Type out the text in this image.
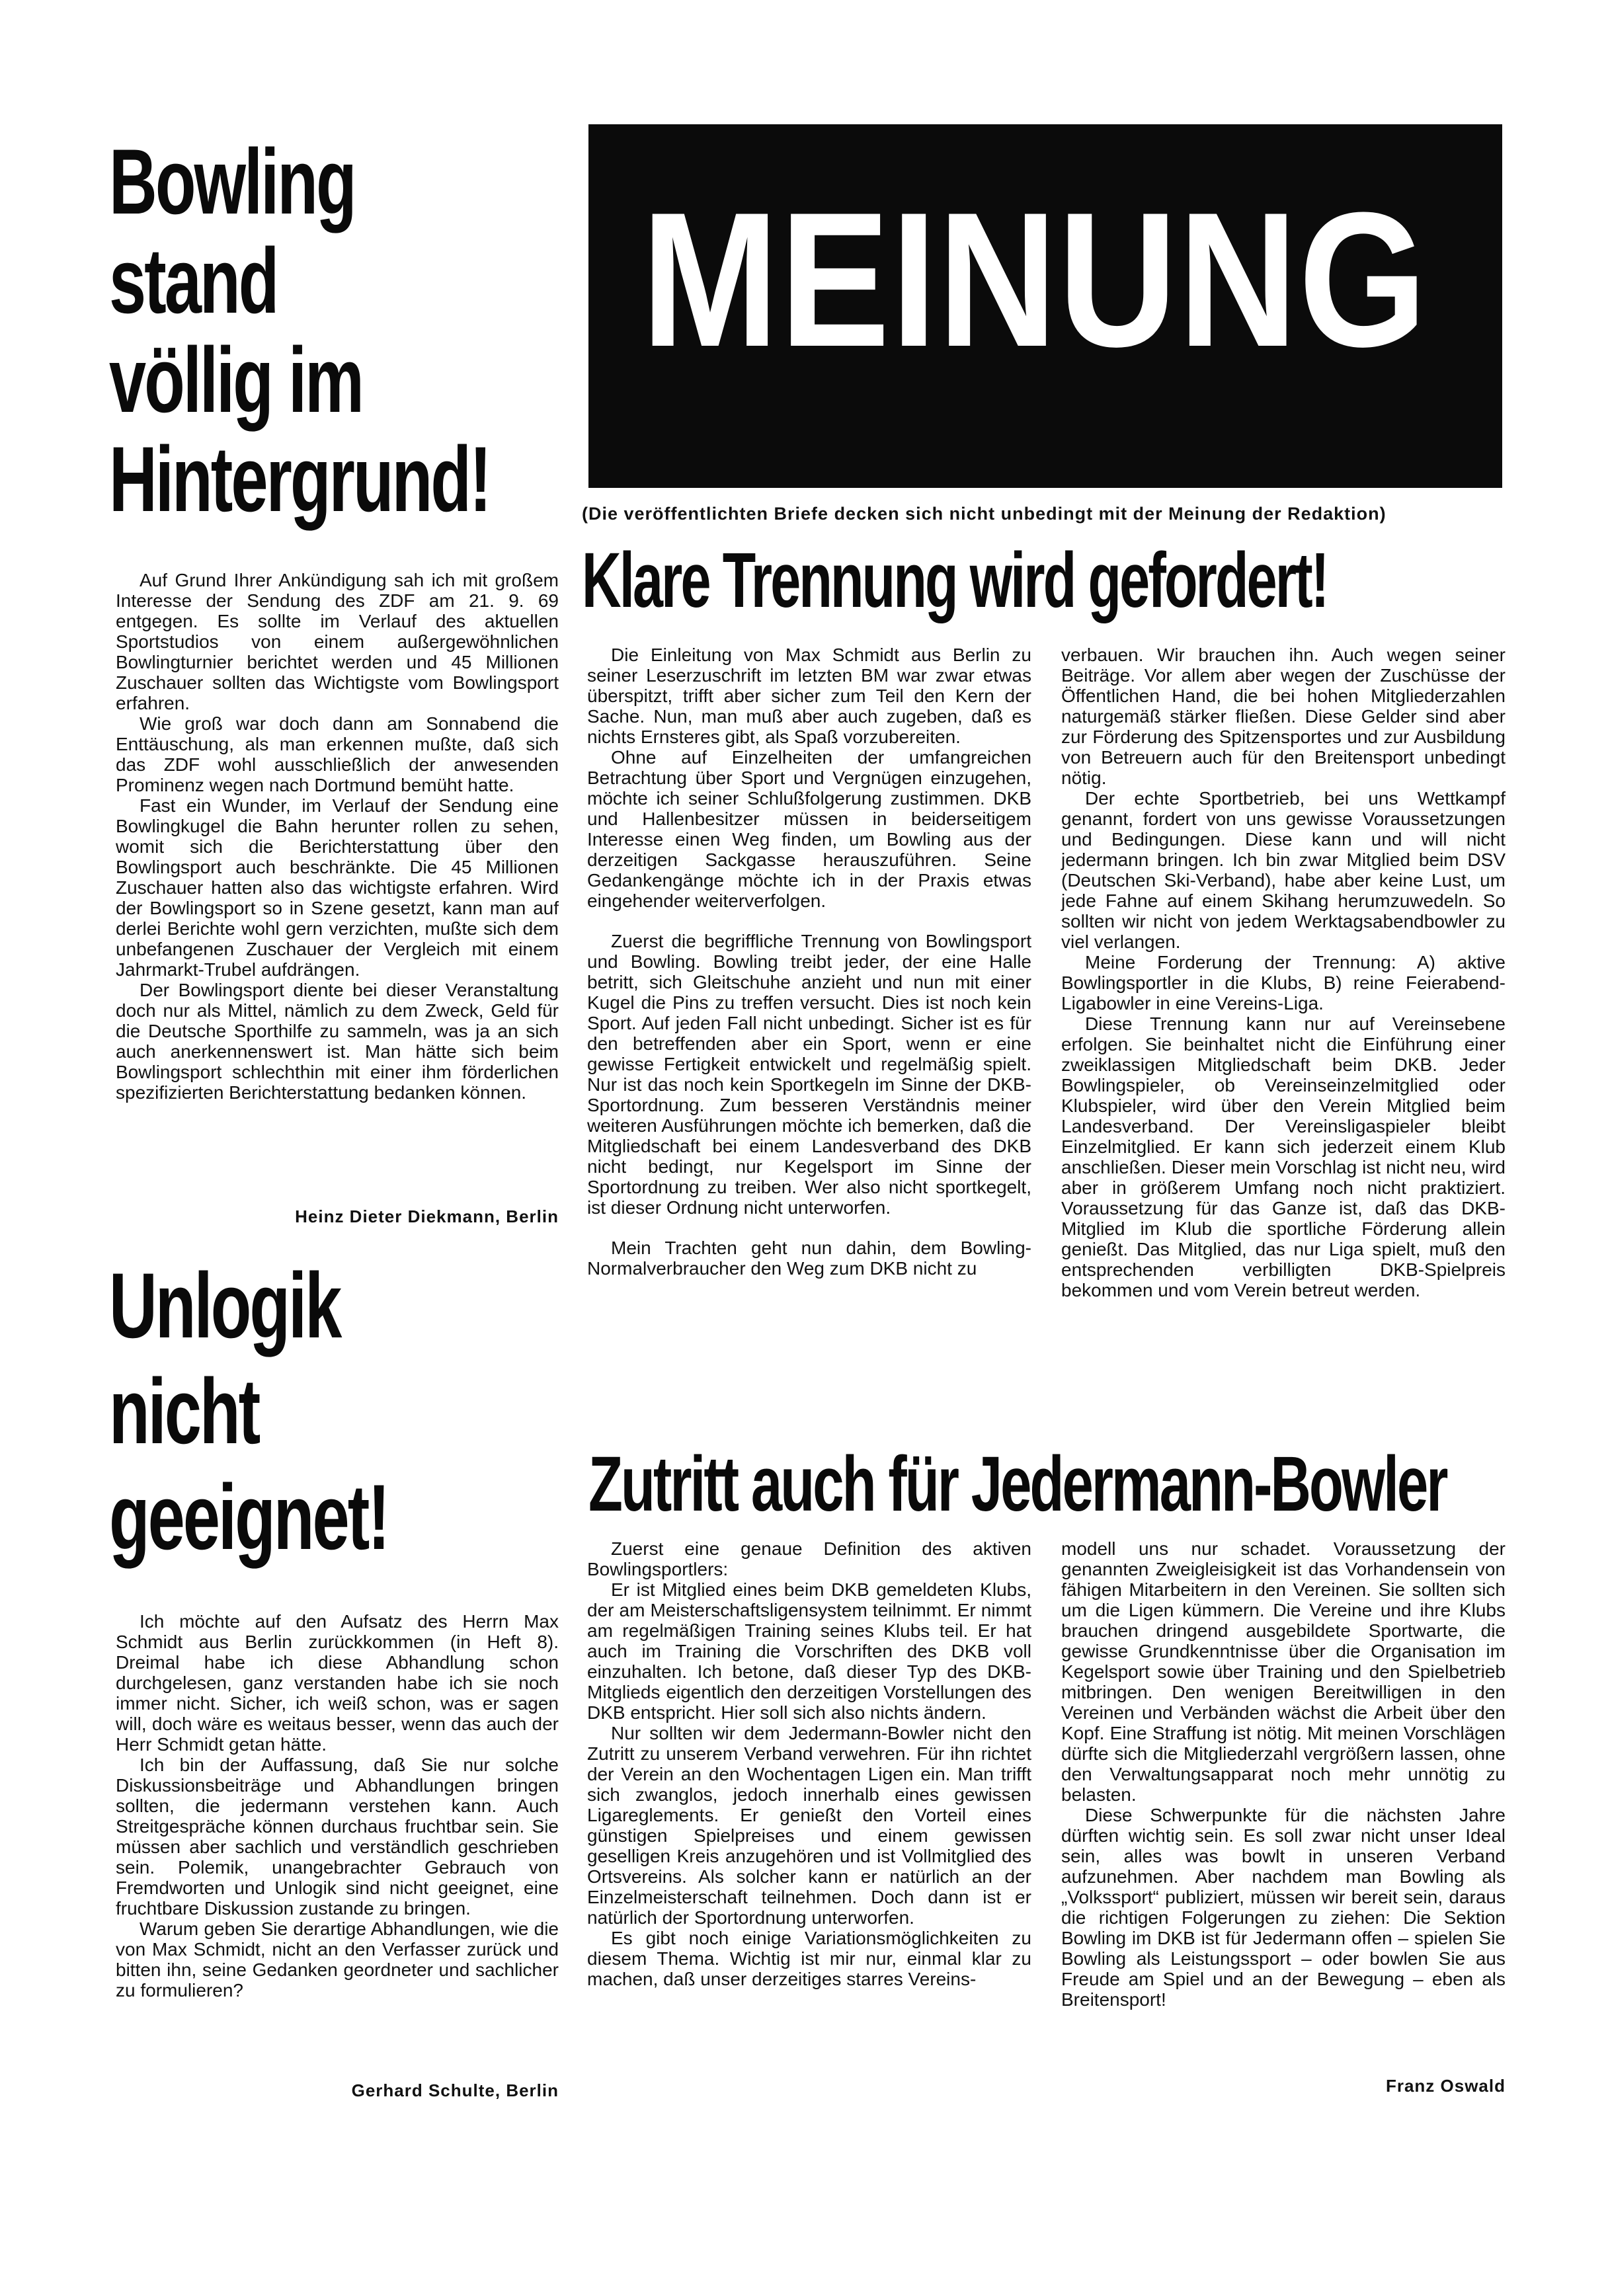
Bowling
stand
völlig im
Hintergrund!

Auf Grund Ihrer Ankündigung sah ich mit großem Interesse der Sendung des ZDF am 21. 9. 69 entgegen. Es sollte im Verlauf des aktuellen Sportstudios von einem außergewöhnlichen Bowlingturnier berichtet werden und 45 Millionen Zuschauer sollten das Wichtigste vom Bowlingsport erfahren.

Wie groß war doch dann am Sonnabend die Enttäuschung, als man erkennen mußte, daß sich das ZDF wohl ausschließlich der anwesenden Prominenz wegen nach Dortmund bemüht hatte.

Fast ein Wunder, im Verlauf der Sendung eine Bowlingkugel die Bahn herunter rollen zu sehen, womit sich die Berichterstattung über den Bowlingsport auch beschränkte. Die 45 Millionen Zuschauer hatten also das wichtigste erfahren. Wird der Bowlingsport so in Szene gesetzt, kann man auf derlei Berichte wohl gern verzichten, mußte sich dem unbefangenen Zuschauer der Vergleich mit einem Jahrmarkt-Trubel aufdrängen.

Der Bowlingsport diente bei dieser Veranstaltung doch nur als Mittel, nämlich zu dem Zweck, Geld für die Deutsche Sporthilfe zu sammeln, was ja an sich auch anerkennenswert ist. Man hätte sich beim Bowlingsport schlechthin mit einer ihm förderlichen spezifizierten Berichterstattung bedanken können.

Heinz Dieter Diekmann, Berlin
Unlogik
nicht
geeignet!

Ich möchte auf den Aufsatz des Herrn Max Schmidt aus Berlin zurückkommen (in Heft 8). Dreimal habe ich diese Abhandlung schon durchgelesen, ganz verstanden habe ich sie noch immer nicht. Sicher, ich weiß schon, was er sagen will, doch wäre es weitaus besser, wenn das auch der Herr Schmidt getan hätte.

Ich bin der Auffassung, daß Sie nur solche Diskussionsbeiträge und Abhandlungen bringen sollten, die jedermann verstehen kann. Auch Streitgespräche können durchaus fruchtbar sein. Sie müssen aber sachlich und verständlich geschrieben sein. Polemik, unangebrachter Gebrauch von Fremdworten und Unlogik sind nicht geeignet, eine fruchtbare Diskussion zustande zu bringen.

Warum geben Sie derartige Abhandlungen, wie die von Max Schmidt, nicht an den Verfasser zurück und bitten ihn, seine Gedanken geordneter und sachlicher zu formulieren?

Gerhard Schulte, Berlin
MEINUNG
(Die veröffentlichten Briefe decken sich nicht unbedingt mit der Meinung der Redaktion)
Klare Trennung wird gefordert!

Die Einleitung von Max Schmidt aus Berlin zu seiner Leserzuschrift im letzten BM war zwar etwas überspitzt, trifft aber sicher zum Teil den Kern der Sache. Nun, man muß aber auch zugeben, daß es nichts Ernsteres gibt, als Spaß vorzubereiten.

Ohne auf Einzelheiten der umfangreichen Betrachtung über Sport und Vergnügen einzugehen, möchte ich seiner Schlußfolgerung zustimmen. DKB und Hallenbesitzer müssen in beiderseitigem Interesse einen Weg finden, um Bowling aus der derzeitigen Sackgasse herauszuführen. Seine Gedankengänge möchte ich in der Praxis etwas eingehender weiterverfolgen.

Zuerst die begriffliche Trennung von Bowlingsport und Bowling. Bowling treibt jeder, der eine Halle betritt, sich Gleitschuhe anzieht und nun mit einer Kugel die Pins zu treffen versucht. Dies ist noch kein Sport. Auf jeden Fall nicht unbedingt. Sicher ist es für den betreffenden aber ein Sport, wenn er eine gewisse Fertigkeit entwickelt und regelmäßig spielt. Nur ist das noch kein Sportkegeln im Sinne der DKB-Sportordnung. Zum besseren Verständnis meiner weiteren Ausführungen möchte ich bemerken, daß die Mitgliedschaft bei einem Landesverband des DKB nicht bedingt, nur Kegelsport im Sinne der Sportordnung zu treiben. Wer also nicht sportkegelt, ist dieser Ordnung nicht unterworfen.

Mein Trachten geht nun dahin, dem Bowling-Normalverbraucher den Weg zum DKB nicht zu

verbauen. Wir brauchen ihn. Auch wegen seiner Beiträge. Vor allem aber wegen der Zuschüsse der Öffentlichen Hand, die bei hohen Mitgliederzahlen naturgemäß stärker fließen. Diese Gelder sind aber zur Förderung des Spitzensportes und zur Ausbildung von Betreuern auch für den Breitensport unbedingt nötig.

Der echte Sportbetrieb, bei uns Wettkampf genannt, fordert von uns gewisse Voraussetzungen und Bedingungen. Diese kann und will nicht jedermann bringen. Ich bin zwar Mitglied beim DSV (Deutschen Ski-Verband), habe aber keine Lust, um jede Fahne auf einem Skihang herumzuwedeln. So sollten wir nicht von jedem Werktagsabendbowler zu viel verlangen.

Meine Forderung der Trennung: A) aktive Bowlingsportler in die Klubs, B) reine Feierabend-Ligabowler in eine Vereins-Liga.

Diese Trennung kann nur auf Vereinsebene erfolgen. Sie beinhaltet nicht die Einführung einer zweiklassigen Mitgliedschaft beim DKB. Jeder Bowlingspieler, ob Vereinseinzelmitglied oder Klubspieler, wird über den Verein Mitglied beim Landesverband. Der Vereinsligaspieler bleibt Einzelmitglied. Er kann sich jederzeit einem Klub anschließen. Dieser mein Vorschlag ist nicht neu, wird aber in größerem Umfang noch nicht praktiziert. Voraussetzung für das Ganze ist, daß das DKB-Mitglied im Klub die sportliche Förderung allein genießt. Das Mitglied, das nur Liga spielt, muß den entsprechenden verbilligten DKB-Spielpreis bekommen und vom Verein betreut werden.

Zutritt auch für Jedermann-Bowler

Zuerst eine genaue Definition des aktiven Bowlingsportlers:

Er ist Mitglied eines beim DKB gemeldeten Klubs, der am Meisterschaftsligensystem teilnimmt. Er nimmt am regelmäßigen Training seines Klubs teil. Er hat auch im Training die Vorschriften des DKB voll einzuhalten. Ich betone, daß dieser Typ des DKB-Mitglieds eigentlich den derzeitigen Vorstellungen des DKB entspricht. Hier soll sich also nichts ändern.

Nur sollten wir dem Jedermann-Bowler nicht den Zutritt zu unserem Verband verwehren. Für ihn richtet der Verein an den Wochentagen Ligen ein. Man trifft sich zwanglos, jedoch innerhalb eines gewissen Ligareglements. Er genießt den Vorteil eines günstigen Spielpreises und einem gewissen geselligen Kreis anzugehören und ist Vollmitglied des Ortsvereins. Als solcher kann er natürlich an der Einzelmeisterschaft teilnehmen. Doch dann ist er natürlich der Sportordnung unterworfen.

Es gibt noch einige Variationsmöglichkeiten zu diesem Thema. Wichtig ist mir nur, einmal klar zu machen, daß unser derzeitiges starres Vereins-

modell uns nur schadet. Voraussetzung der genannten Zweigleisigkeit ist das Vorhandensein von fähigen Mitarbeitern in den Vereinen. Sie sollten sich um die Ligen kümmern. Die Vereine und ihre Klubs brauchen dringend ausgebildete Sportwarte, die gewisse Grundkenntnisse über die Organisation im Kegelsport sowie über Training und den Spielbetrieb mitbringen. Den wenigen Bereitwilligen in den Vereinen und Verbänden wächst die Arbeit über den Kopf. Eine Straffung ist nötig. Mit meinen Vorschlägen dürfte sich die Mitgliederzahl vergrößern lassen, ohne den Verwaltungsapparat noch mehr unnötig zu belasten.

Diese Schwerpunkte für die nächsten Jahre dürften wichtig sein. Es soll zwar nicht unser Ideal sein, alles was bowlt in unseren Verband aufzunehmen. Aber nachdem man Bowling als „Volkssport“ publiziert, müssen wir bereit sein, daraus die richtigen Folgerungen zu ziehen: Die Sektion Bowling im DKB ist für Jedermann offen – spielen Sie Bowling als Leistungssport – oder bowlen Sie aus Freude am Spiel und an der Bewegung – eben als Breitensport!

Franz Oswald
